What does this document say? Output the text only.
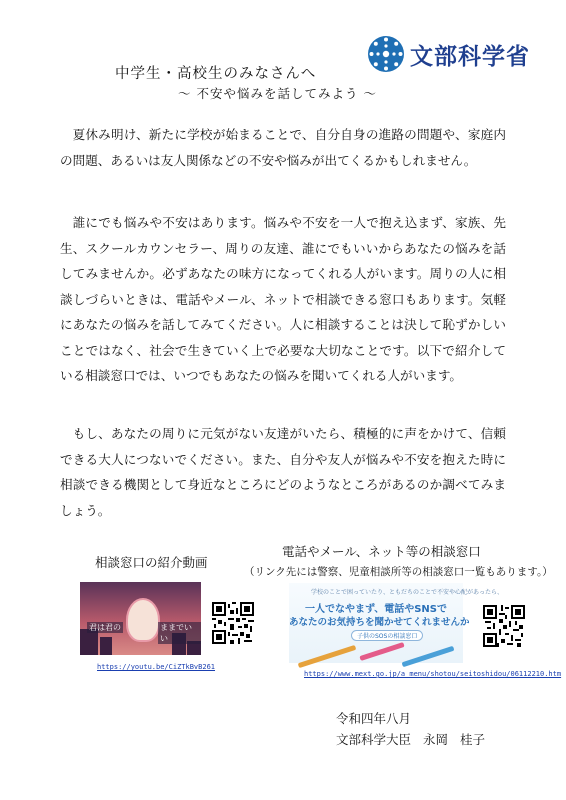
文部科学省
中学生・高校生のみなさんへ
～ 不安や悩みを話してみよう ～

夏休み明け、新たに学校が始まることで、自分自身の進路の問題や、家庭内の問題、あるいは友人関係などの不安や悩みが出てくるかもしれません。

誰にでも悩みや不安はあります。悩みや不安を一人で抱え込まず、家族、先生、スクールカウンセラー、周りの友達、誰にでもいいからあなたの悩みを話してみませんか。必ずあなたの味方になってくれる人がいます。周りの人に相談しづらいときは、電話やメール、ネットで相談できる窓口もあります。気軽にあなたの悩みを話してみてください。人に相談することは決して恥ずかしいことではなく、社会で生きていく上で必要な大切なことです。以下で紹介している相談窓口では、いつでもあなたの悩みを聞いてくれる人がいます。

もし、あなたの周りに元気がない友達がいたら、積極的に声をかけて、信頼できる大人につないでください。また、自分や友人が悩みや不安を抱えた時に相談できる機関として身近なところにどのようなところがあるのか調べてみましょう。

相談窓口の紹介動画
君は君の	ままでいい
https://youtu.be/CiZTkBvB261
電話やメール、ネット等の相談窓口
（リンク先には警察、児童相談所等の相談窓口一覧もあります。）
学校のことで困っていたり、ともだちのことで不安や心配があったら、
一人でなやまず、電話やSNSで
あなたのお気持ちを聞かせてくれませんか
子供のSOSの相談窓口
https://www.mext.go.jp/a_menu/shotou/seitoshidou/06112210.htm
令和四年八月
文部科学大臣 永岡 桂子
